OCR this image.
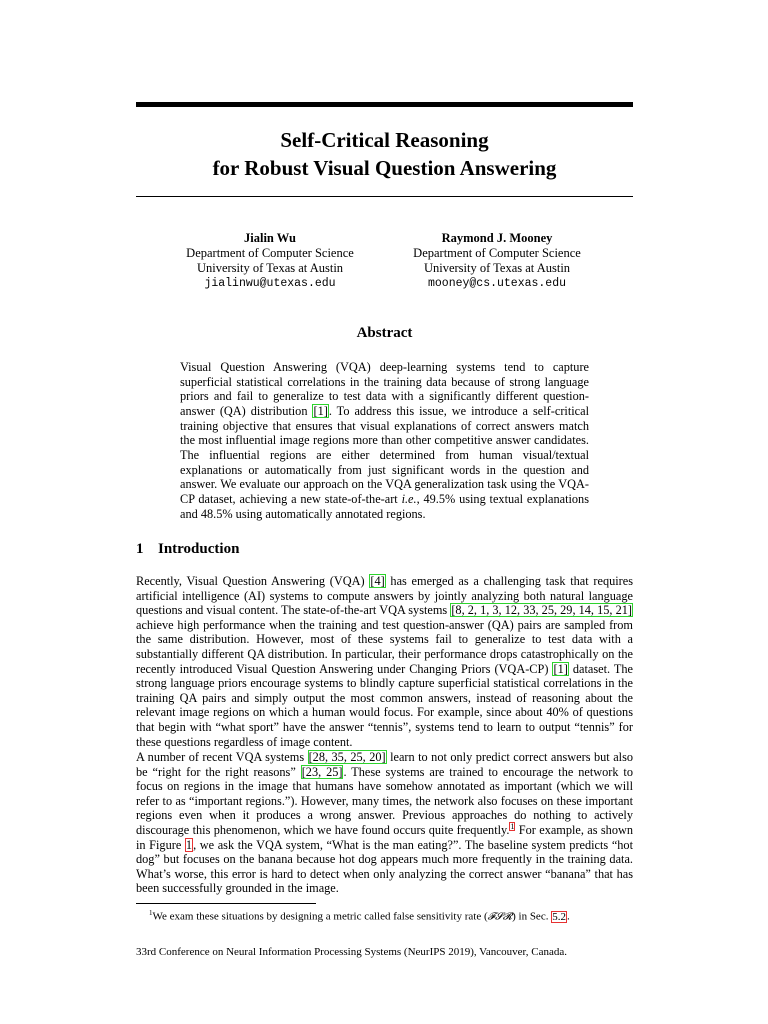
Self-Critical Reasoning
for Robust Visual Question Answering
Jialin Wu
Department of Computer Science
University of Texas at Austin
jialinwu@utexas.edu
Raymond J. Mooney
Department of Computer Science
University of Texas at Austin
mooney@cs.utexas.edu
Abstract
Visual Question Answering (VQA) deep-learning systems tend to capture superficial statistical correlations in the training data because of strong language priors and fail to generalize to test data with a significantly different question-answer (QA) distribution [1]. To address this issue, we introduce a self-critical training objective that ensures that visual explanations of correct answers match the most influential image regions more than other competitive answer candidates. The influential regions are either determined from human visual/textual explanations or automatically from just significant words in the question and answer. We evaluate our approach on the VQA generalization task using the VQA-CP dataset, achieving a new state-of-the-art i.e., 49.5% using textual explanations and 48.5% using automatically annotated regions.
1 Introduction
Recently, Visual Question Answering (VQA) [4] has emerged as a challenging task that requires artificial intelligence (AI) systems to compute answers by jointly analyzing both natural language questions and visual content. The state-of-the-art VQA systems [8, 2, 1, 3, 12, 33, 25, 29, 14, 15, 21] achieve high performance when the training and test question-answer (QA) pairs are sampled from the same distribution. However, most of these systems fail to generalize to test data with a substantially different QA distribution. In particular, their performance drops catastrophically on the recently introduced Visual Question Answering under Changing Priors (VQA-CP) [1] dataset. The strong language priors encourage systems to blindly capture superficial statistical correlations in the training QA pairs and simply output the most common answers, instead of reasoning about the relevant image regions on which a human would focus. For example, since about 40% of questions that begin with “what sport” have the answer “tennis”, systems tend to learn to output “tennis” for these questions regardless of image content.
A number of recent VQA systems [28, 35, 25, 20] learn to not only predict correct answers but also be “right for the right reasons” [23, 25]. These systems are trained to encourage the network to focus on regions in the image that humans have somehow annotated as important (which we will refer to as “important regions.”). However, many times, the network also focuses on these important regions even when it produces a wrong answer. Previous approaches do nothing to actively discourage this phenomenon, which we have found occurs quite frequently.$^1$ For example, as shown in Figure 1, we ask the VQA system, “What is the man eating?”. The baseline system predicts “hot dog” but focuses on the banana because hot dog appears much more frequently in the training data. What’s worse, this error is hard to detect when only analyzing the correct answer “banana” that has been successfully grounded in the image.
$^1$We exam these situations by designing a metric called false sensitivity rate (𝓕𝓢𝓡) in Sec. 5.2.
33rd Conference on Neural Information Processing Systems (NeurIPS 2019), Vancouver, Canada.
